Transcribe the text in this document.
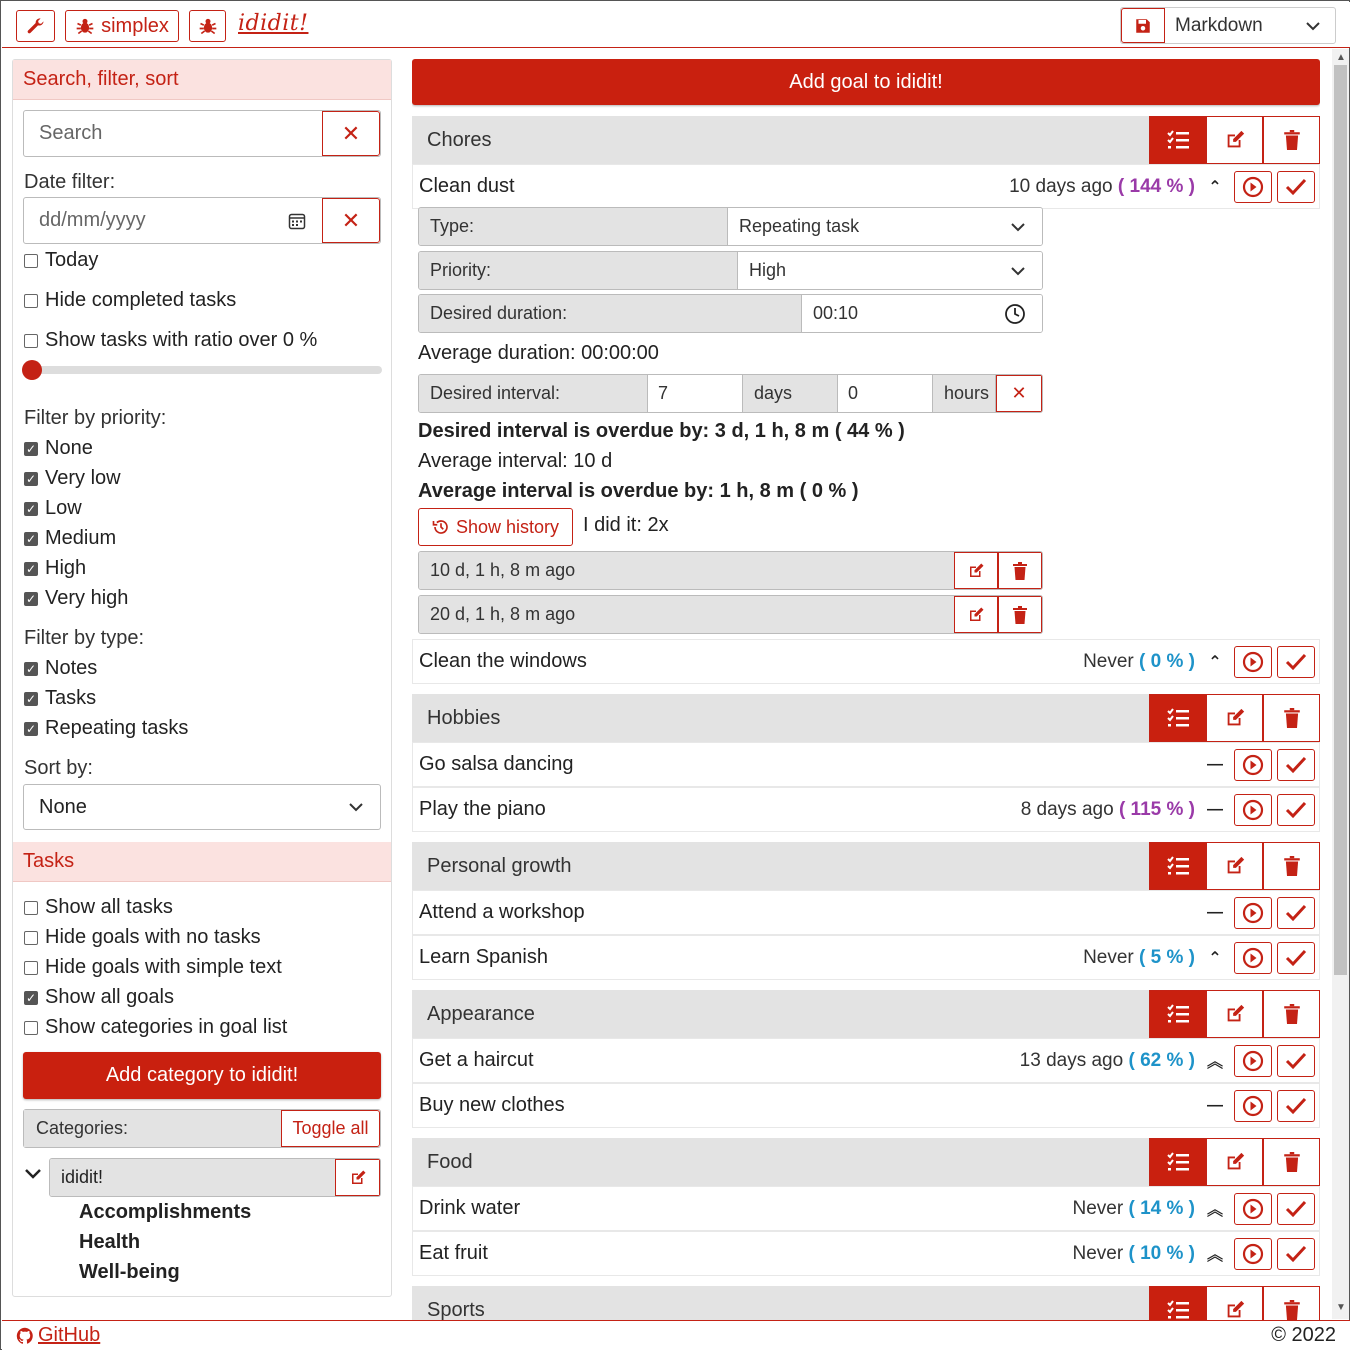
simplex	ididit!	Markdown
Search, filter, sort
Search	✕
Date filter:
dd/mm/yyyy	✕
Today
Hide completed tasks
Show tasks with ratio over 0 %
Filter by priority:
✓ None
✓ Very low
✓ Low
✓ Medium
✓ High
✓ Very high
Filter by type:
✓ Notes
✓ Tasks
✓ Repeating tasks
Sort by:
None
Tasks
Show all tasks
Hide goals with no tasks
Hide goals with simple text
✓ Show all goals
Show categories in goal list
Add category to ididit!
Categories:	Toggle all
ididit!
Accomplishments
Health
Well-being
Add goal to ididit!
Chores
Clean dust	10 days ago ( 144 % ) ⌃
Clean the windows	Never ( 0 % ) ⌃
Hobbies
Go salsa dancing	—
Play the piano	8 days ago ( 115 % ) —
Personal growth
Attend a workshop	—
Learn Spanish	Never ( 5 % ) ⌃
Appearance
Get a haircut	13 days ago ( 62 % ) ︽
Buy new clothes	—
Food
Drink water	Never ( 14 % ) ︽
Eat fruit	Never ( 10 % ) ︽
Sports
Type:	Repeating task
Priority:	High
Desired duration:	00:10
Average duration: 00:00:00
Desired interval:	7	days	0	hours	✕
Desired interval is overdue by: 3 d, 1 h, 8 m ( 44 % )
Average interval: 10 d
Average interval is overdue by: 1 h, 8 m ( 0 % )
Show history I did it: 2x
10 d, 1 h, 8 m ago
20 d, 1 h, 8 m ago
▲
▼
GitHub	© 2022
